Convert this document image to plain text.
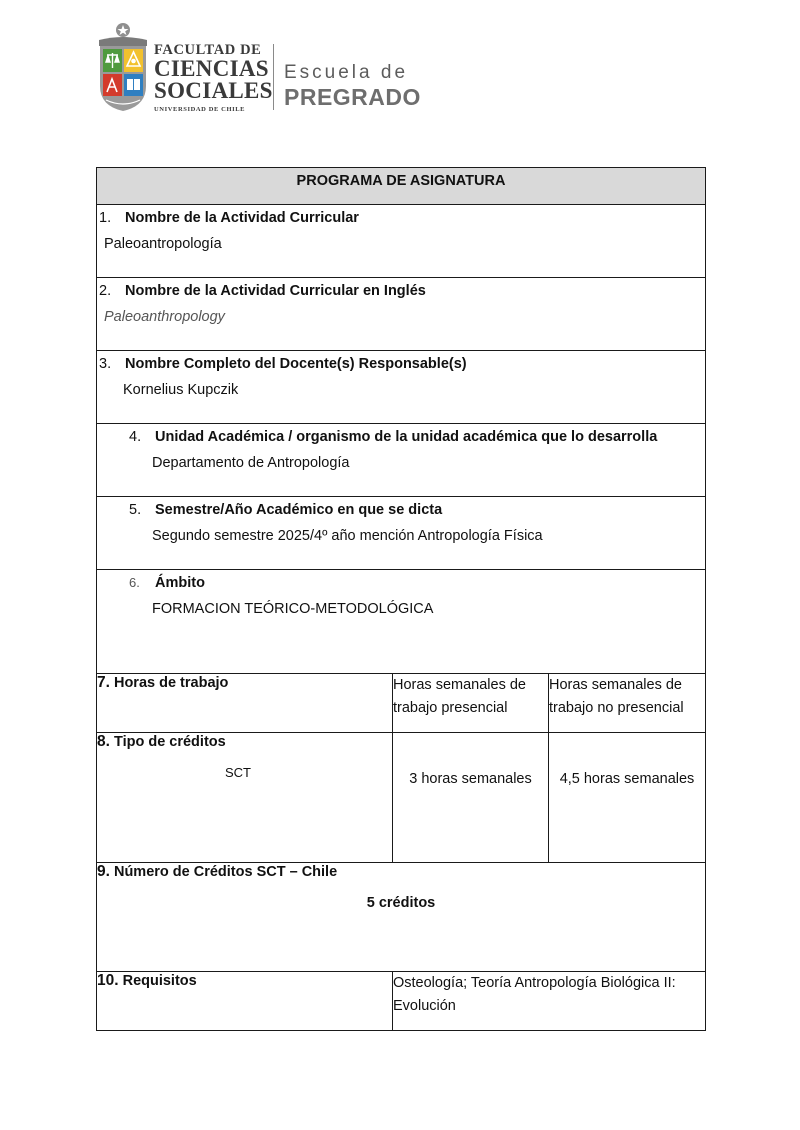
FACULTAD DE
CIENCIAS
SOCIALES
UNIVERSIDAD DE CHILE
Escuela de
PREGRADO
PROGRAMA DE ASIGNATURA		

1. Nombre de la Actividad Curricular
Paleoantropología		

2. Nombre de la Actividad Curricular en Inglés
Paleoanthropology		

3. Nombre Completo del Docente(s) Responsable(s)
Kornelius Kupczik		

4. Unidad Académica / organismo de la unidad académica que lo desarrolla
Departamento de Antropología		

5. Semestre/Año Académico en que se dicta
Segundo semestre 2025/4º año mención Antropología Física		

6. Ámbito
FORMACION TEÓRICO-METODOLÓGICA		

7. Horas de trabajo	Horas semanales de trabajo presencial	Horas semanales de trabajo no presencial

8. Tipo de créditos
SCT	3 horas semanales	4,5 horas semanales

9. Número de Créditos SCT – Chile
5 créditos		

10. Requisitos	Osteología; Teoría Antropología Biológica II: Evolución	
